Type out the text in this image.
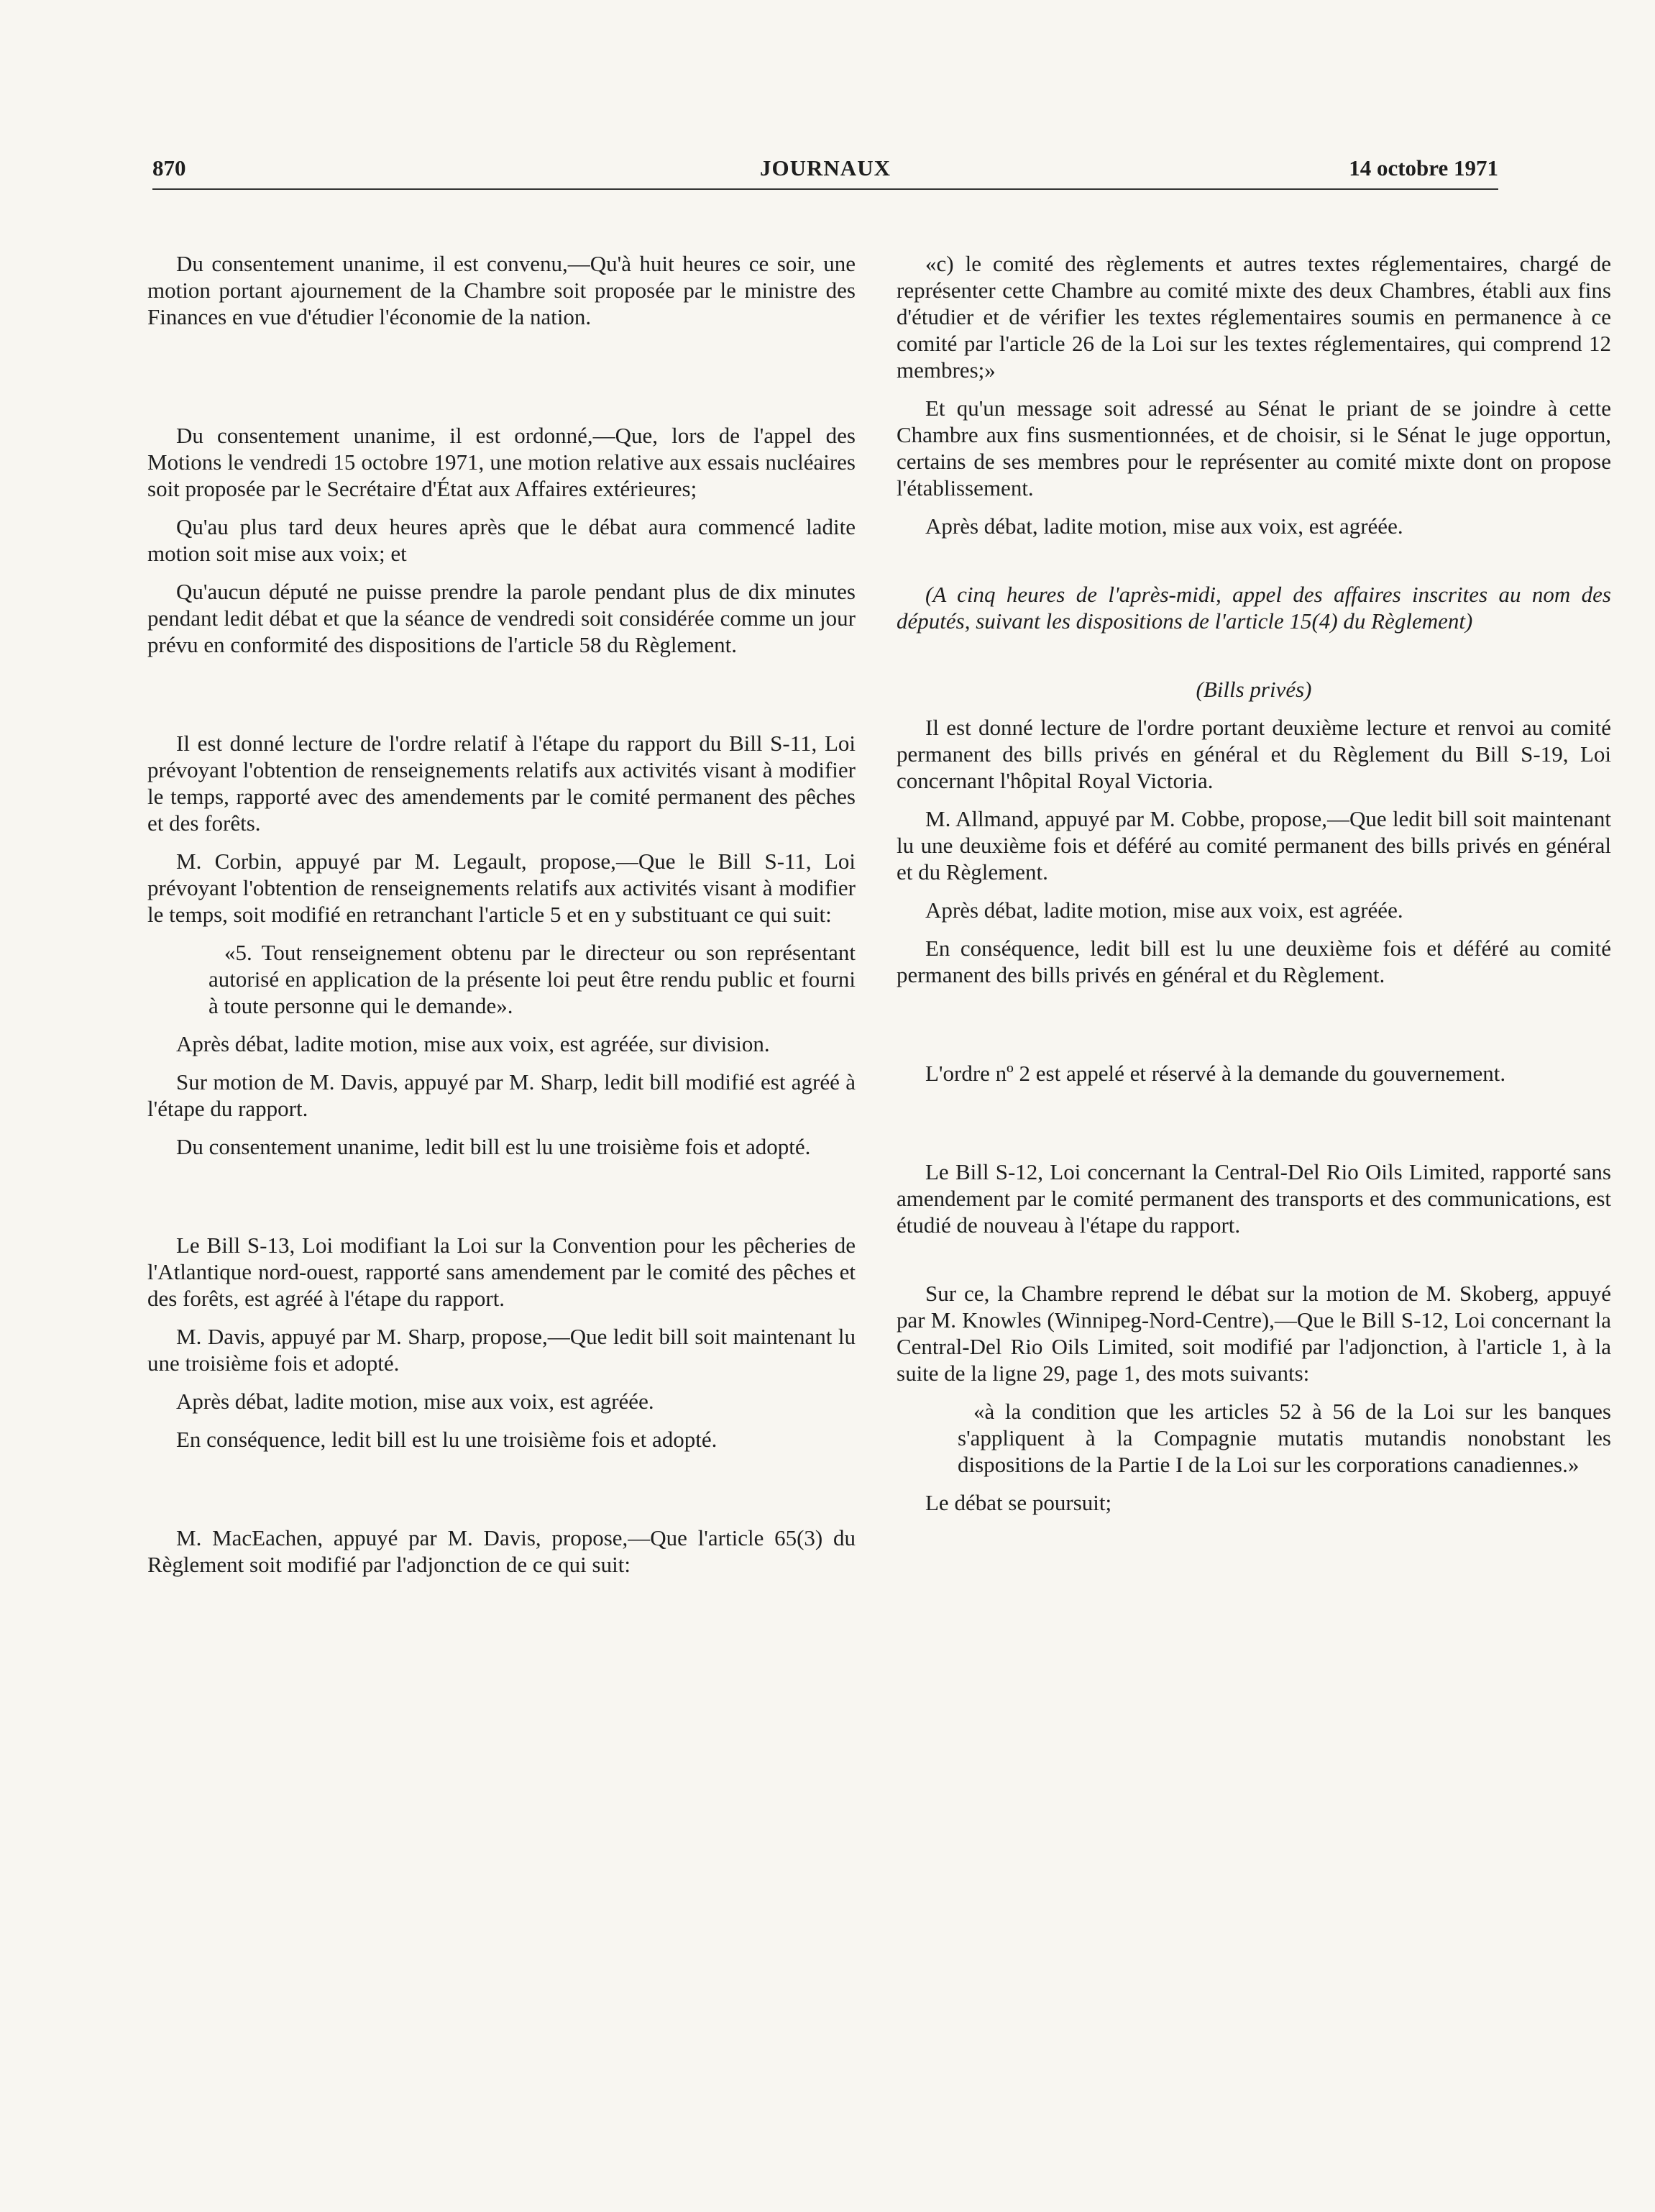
870	JOURNAUX	14 octobre 1971

Du consentement unanime, il est convenu,—Qu'à huit heures ce soir, une motion portant ajournement de la Chambre soit proposée par le ministre des Finances en vue d'étudier l'économie de la nation.

Du consentement unanime, il est ordonné,—Que, lors de l'appel des Motions le vendredi 15 octobre 1971, une motion relative aux essais nucléaires soit proposée par le Secrétaire d'État aux Affaires extérieures;

Qu'au plus tard deux heures après que le débat aura commencé ladite motion soit mise aux voix; et

Qu'aucun député ne puisse prendre la parole pendant plus de dix minutes pendant ledit débat et que la séance de vendredi soit considérée comme un jour prévu en conformité des dispositions de l'article 58 du Règlement.

Il est donné lecture de l'ordre relatif à l'étape du rapport du Bill S-11, Loi prévoyant l'obtention de renseignements relatifs aux activités visant à modifier le temps, rapporté avec des amendements par le comité permanent des pêches et des forêts.

M. Corbin, appuyé par M. Legault, propose,—Que le Bill S-11, Loi prévoyant l'obtention de renseignements relatifs aux activités visant à modifier le temps, soit modifié en retranchant l'article 5 et en y substituant ce qui suit:

«5. Tout renseignement obtenu par le directeur ou son représentant autorisé en application de la présente loi peut être rendu public et fourni à toute personne qui le demande».

Après débat, ladite motion, mise aux voix, est agréée, sur division.

Sur motion de M. Davis, appuyé par M. Sharp, ledit bill modifié est agréé à l'étape du rapport.

Du consentement unanime, ledit bill est lu une troisième fois et adopté.

Le Bill S-13, Loi modifiant la Loi sur la Convention pour les pêcheries de l'Atlantique nord-ouest, rapporté sans amendement par le comité des pêches et des forêts, est agréé à l'étape du rapport.

M. Davis, appuyé par M. Sharp, propose,—Que ledit bill soit maintenant lu une troisième fois et adopté.

Après débat, ladite motion, mise aux voix, est agréée.

En conséquence, ledit bill est lu une troisième fois et adopté.

M. MacEachen, appuyé par M. Davis, propose,—Que l'article 65(3) du Règlement soit modifié par l'adjonction de ce qui suit:

«c) le comité des règlements et autres textes réglementaires, chargé de représenter cette Chambre au comité mixte des deux Chambres, établi aux fins d'étudier et de vérifier les textes réglementaires soumis en permanence à ce comité par l'article 26 de la Loi sur les textes réglementaires, qui comprend 12 membres;»

Et qu'un message soit adressé au Sénat le priant de se joindre à cette Chambre aux fins susmentionnées, et de choisir, si le Sénat le juge opportun, certains de ses membres pour le représenter au comité mixte dont on propose l'établissement.

Après débat, ladite motion, mise aux voix, est agréée.

(A cinq heures de l'après-midi, appel des affaires inscrites au nom des députés, suivant les dispositions de l'article 15(4) du Règlement)

(Bills privés)

Il est donné lecture de l'ordre portant deuxième lecture et renvoi au comité permanent des bills privés en général et du Règlement du Bill S-19, Loi concernant l'hôpital Royal Victoria.

M. Allmand, appuyé par M. Cobbe, propose,—Que ledit bill soit maintenant lu une deuxième fois et déféré au comité permanent des bills privés en général et du Règlement.

Après débat, ladite motion, mise aux voix, est agréée.

En conséquence, ledit bill est lu une deuxième fois et déféré au comité permanent des bills privés en général et du Règlement.

L'ordre nº 2 est appelé et réservé à la demande du gouvernement.

Le Bill S-12, Loi concernant la Central-Del Rio Oils Limited, rapporté sans amendement par le comité permanent des transports et des communications, est étudié de nouveau à l'étape du rapport.

Sur ce, la Chambre reprend le débat sur la motion de M. Skoberg, appuyé par M. Knowles (Winnipeg-Nord-Centre),—Que le Bill S-12, Loi concernant la Central-Del Rio Oils Limited, soit modifié par l'adjonction, à l'article 1, à la suite de la ligne 29, page 1, des mots suivants:

«à la condition que les articles 52 à 56 de la Loi sur les banques s'appliquent à la Compagnie mutatis mutandis nonobstant les dispositions de la Partie I de la Loi sur les corporations canadiennes.»

Le débat se poursuit;
